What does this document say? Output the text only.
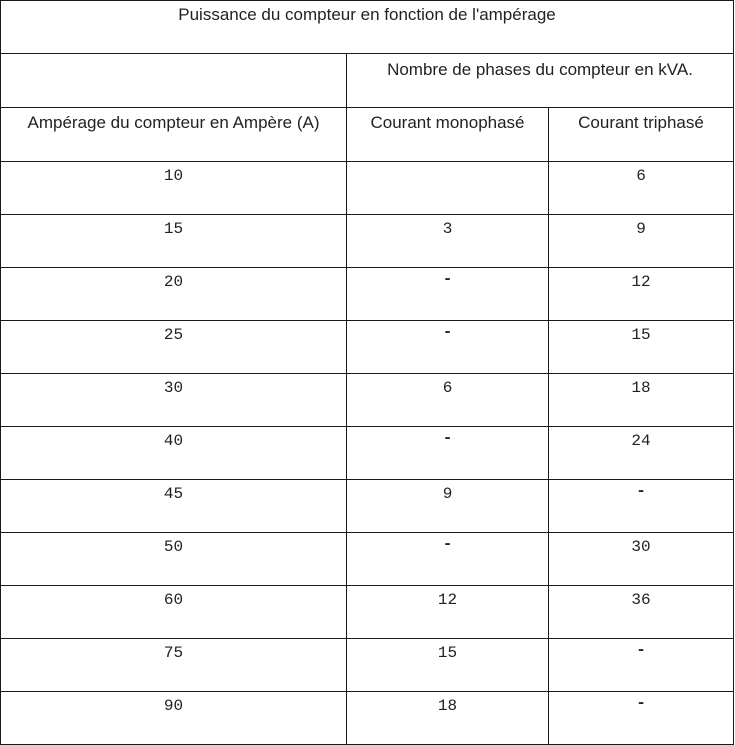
Puissance du compteur en fonction de l'ampérage		

	Nombre de phases du compteur en kVA.	

Ampérage du compteur en Ampère (A)	Courant monophasé	Courant triphasé

10		6

15	3	9

20	-	12

25	-	15

30	6	18

40	-	24

45	9	-

50	-	30

60	12	36

75	15	-

90	18	-
